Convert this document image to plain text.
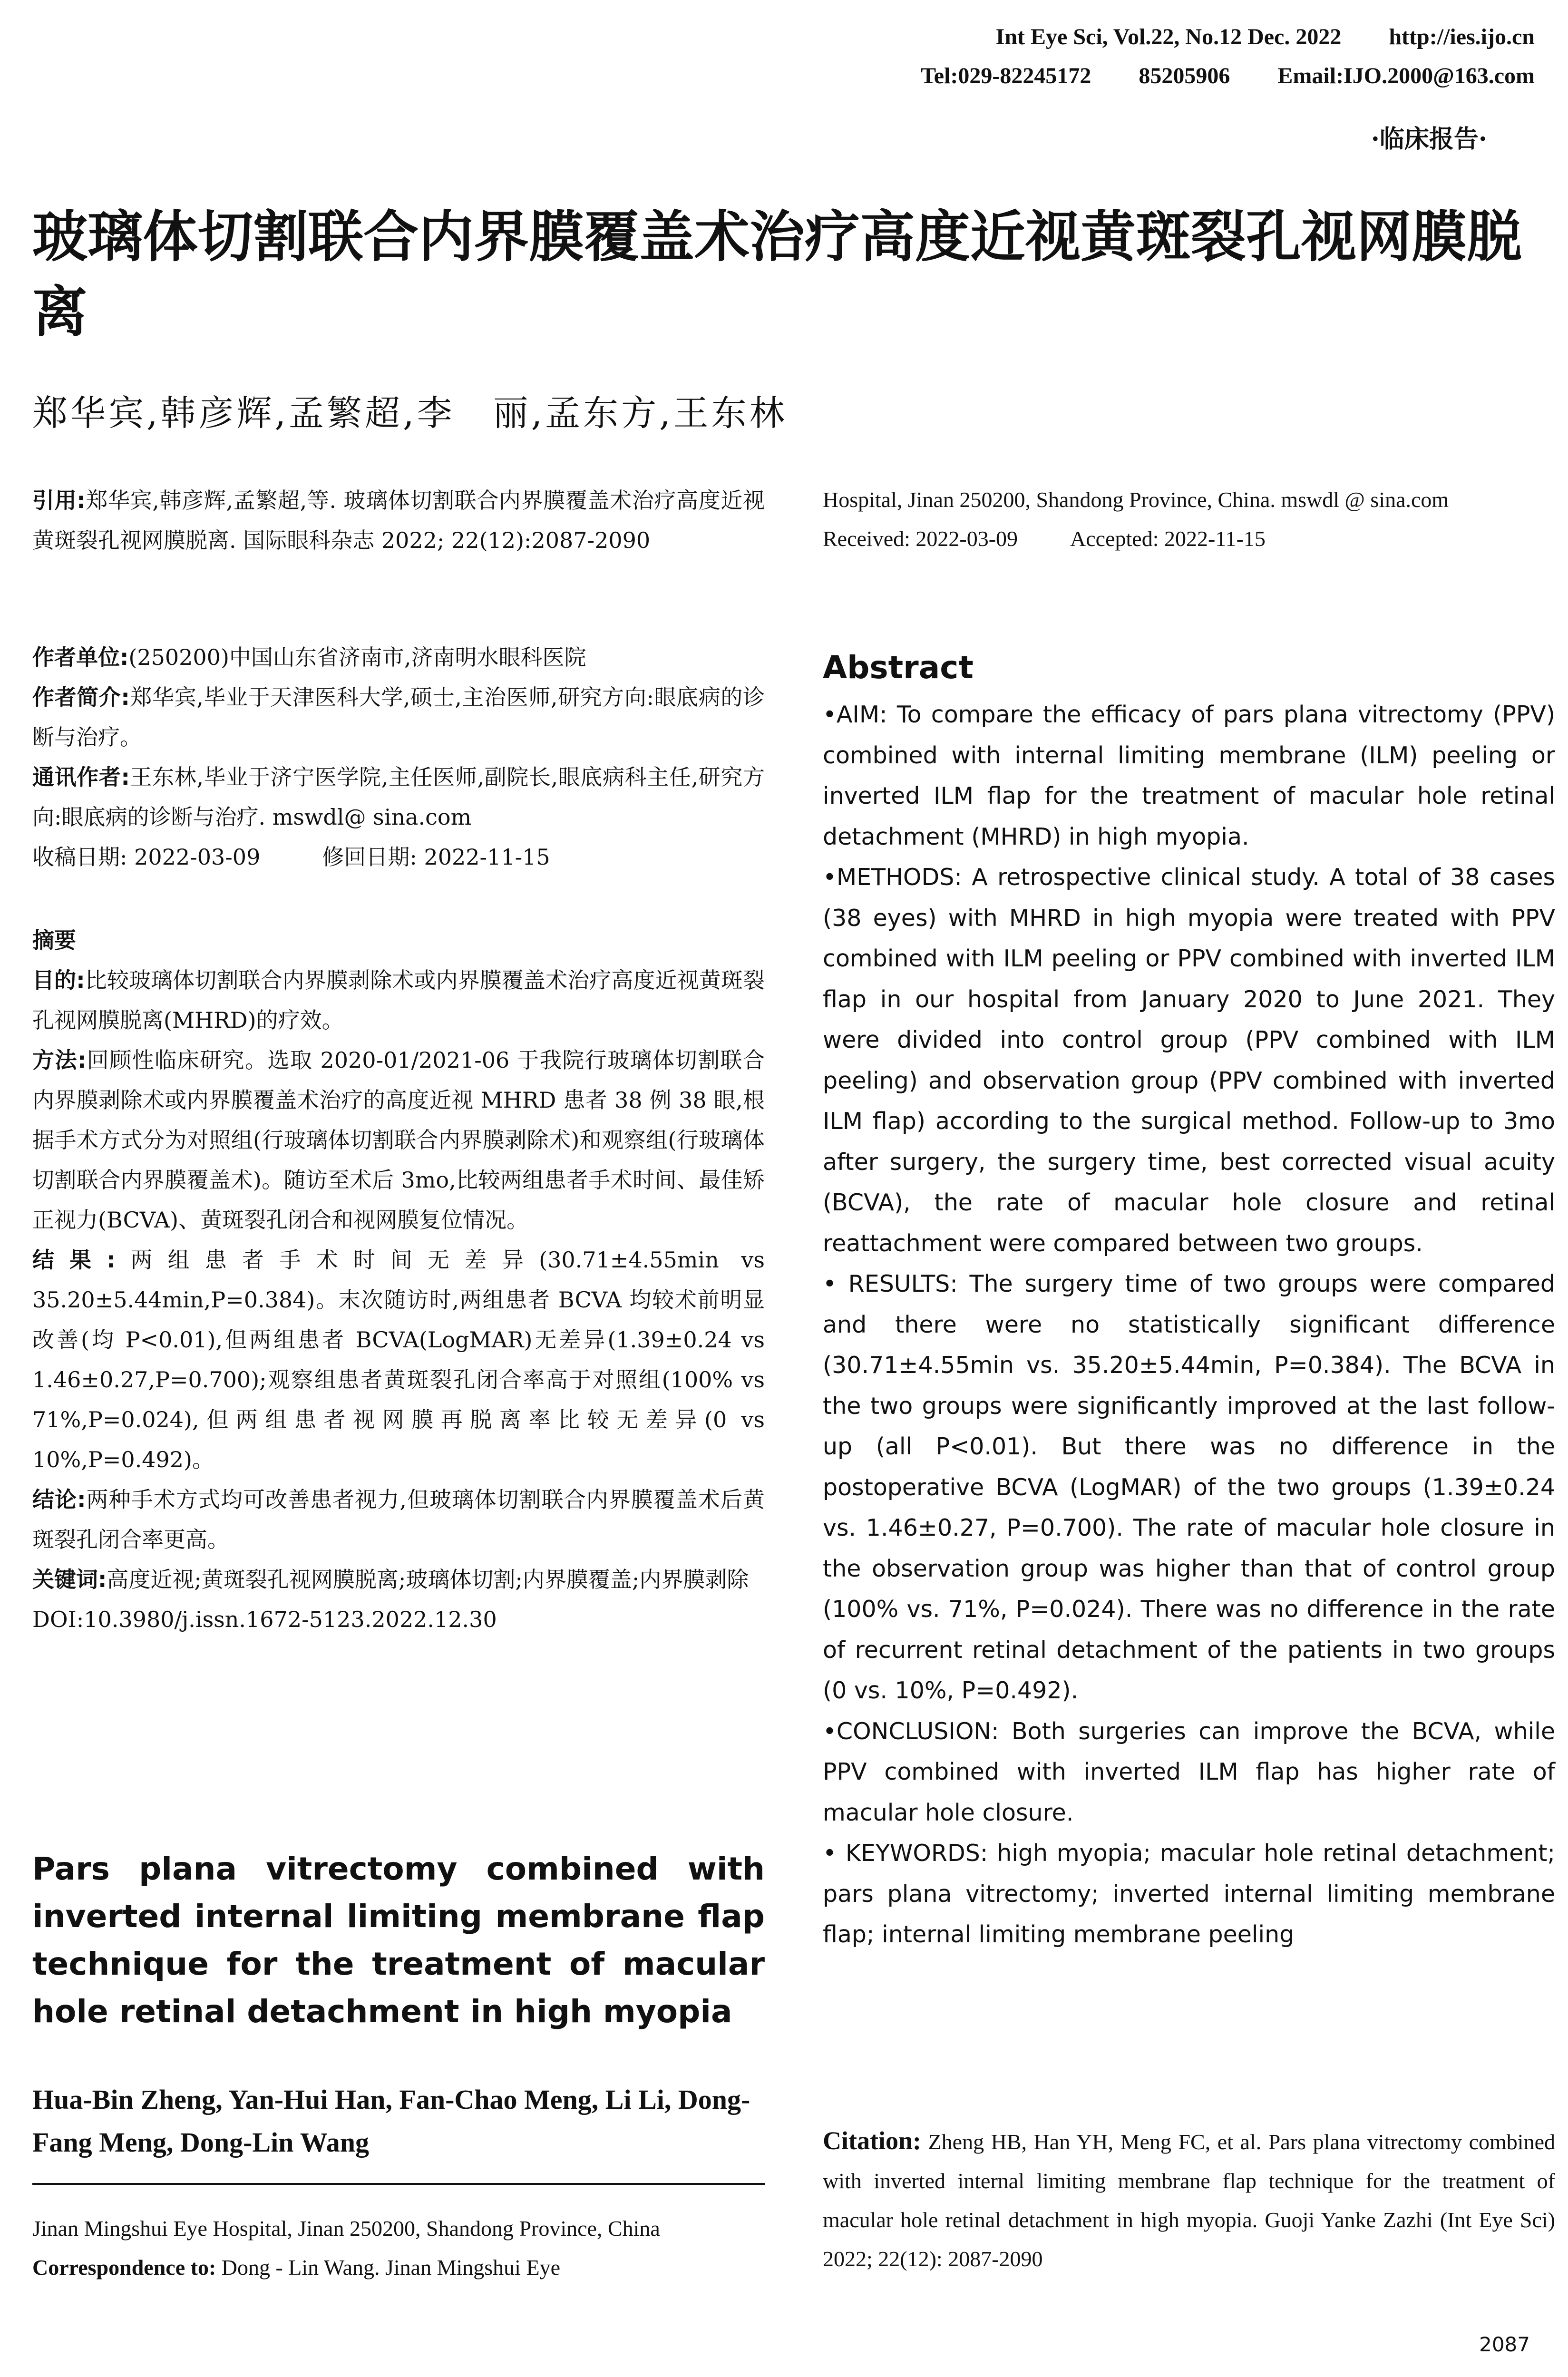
Int Eye Sci, Vol.22, No.12 Dec. 2022 http://ies.ijo.cn
Tel:029-82245172 85205906 Email:IJO.2000@163.com
·临床报告·
玻璃体切割联合内界膜覆盖术治疗高度近视黄斑裂孔视网膜脱离
郑华宾,韩彦辉,孟繁超,李　丽,孟东方,王东林

引用:郑华宾,韩彦辉,孟繁超,等. 玻璃体切割联合内界膜覆盖术治疗高度近视黄斑裂孔视网膜脱离. 国际眼科杂志 2022; 22(12):2087-2090

作者单位:(250200)中国山东省济南市,济南明水眼科医院

作者简介:郑华宾,毕业于天津医科大学,硕士,主治医师,研究方向:眼底病的诊断与治疗。

通讯作者:王东林,毕业于济宁医学院,主任医师,副院长,眼底病科主任,研究方向:眼底病的诊断与治疗. mswdl@ sina.com

收稿日期: 2022-03-09	修回日期: 2022-11-15

摘要

目的:比较玻璃体切割联合内界膜剥除术或内界膜覆盖术治疗高度近视黄斑裂孔视网膜脱离(MHRD)的疗效。

方法:回顾性临床研究。选取 2020-01/2021-06 于我院行玻璃体切割联合内界膜剥除术或内界膜覆盖术治疗的高度近视 MHRD 患者 38 例 38 眼,根据手术方式分为对照组(行玻璃体切割联合内界膜剥除术)和观察组(行玻璃体切割联合内界膜覆盖术)。随访至术后 3mo,比较两组患者手术时间、最佳矫正视力(BCVA)、黄斑裂孔闭合和视网膜复位情况。

结果:两组患者手术时间无差异(30.71±4.55min vs 35.20±5.44min,P=0.384)。末次随访时,两组患者 BCVA 均较术前明显改善(均 P<0.01),但两组患者 BCVA(LogMAR)无差异(1.39±0.24 vs 1.46±0.27,P=0.700);观察组患者黄斑裂孔闭合率高于对照组(100% vs 71%,P=0.024),但两组患者视网膜再脱离率比较无差异(0 vs 10%,P=0.492)。

结论:两种手术方式均可改善患者视力,但玻璃体切割联合内界膜覆盖术后黄斑裂孔闭合率更高。

关键词:高度近视;黄斑裂孔视网膜脱离;玻璃体切割;内界膜覆盖;内界膜剥除

DOI:10.3980/j.issn.1672-5123.2022.12.30

Pars plana vitrectomy combined with inverted internal limiting membrane flap technique for the treatment of macular hole retinal detachment in high myopia
Hua-Bin Zheng, Yan-Hui Han, Fan-Chao Meng, Li Li, Dong-Fang Meng, Dong-Lin Wang
Jinan Mingshui Eye Hospital, Jinan 250200, Shandong Province, China
Correspondence to: Dong - Lin Wang. Jinan Mingshui Eye
Hospital, Jinan 250200, Shandong Province, China. mswdl @ sina.com
Received: 2022-03-09 Accepted: 2022-11-15
Abstract

•AIM: To compare the efficacy of pars plana vitrectomy (PPV) combined with internal limiting membrane (ILM) peeling or inverted ILM flap for the treatment of macular hole retinal detachment (MHRD) in high myopia.

•METHODS: A retrospective clinical study. A total of 38 cases (38 eyes) with MHRD in high myopia were treated with PPV combined with ILM peeling or PPV combined with inverted ILM flap in our hospital from January 2020 to June 2021. They were divided into control group (PPV combined with ILM peeling) and observation group (PPV combined with inverted ILM flap) according to the surgical method. Follow-up to 3mo after surgery, the surgery time, best corrected visual acuity (BCVA), the rate of macular hole closure and retinal reattachment were compared between two groups.

• RESULTS: The surgery time of two groups were compared and there were no statistically significant difference (30.71±4.55min vs. 35.20±5.44min, P=0.384). The BCVA in the two groups were significantly improved at the last follow-up (all P<0.01). But there was no difference in the postoperative BCVA (LogMAR) of the two groups (1.39±0.24 vs. 1.46±0.27, P=0.700). The rate of macular hole closure in the observation group was higher than that of control group (100% vs. 71%, P=0.024). There was no difference in the rate of recurrent retinal detachment of the patients in two groups (0 vs. 10%, P=0.492).

•CONCLUSION: Both surgeries can improve the BCVA, while PPV combined with inverted ILM flap has higher rate of macular hole closure.

• KEYWORDS: high myopia; macular hole retinal detachment; pars plana vitrectomy; inverted internal limiting membrane flap; internal limiting membrane peeling

Citation: Zheng HB, Han YH, Meng FC, et al. Pars plana vitrectomy combined with inverted internal limiting membrane flap technique for the treatment of macular hole retinal detachment in high myopia. Guoji Yanke Zazhi (Int Eye Sci) 2022; 22(12): 2087-2090
2087
